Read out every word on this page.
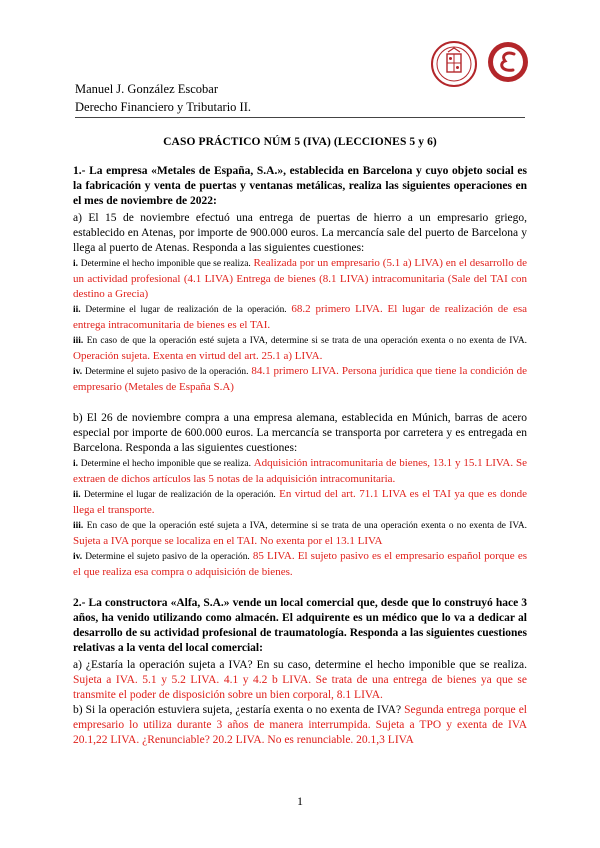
Manuel J. González Escobar
Derecho Financiero y Tributario II.

CASO PRÁCTICO NÚM 5 (IVA) (LECCIONES 5 y 6)

1.- La empresa «Metales de España, S.A.», establecida en Barcelona y cuyo objeto social es la fabricación y venta de puertas y ventanas metálicas, realiza las siguientes operaciones en el mes de noviembre de 2022:

a) El 15 de noviembre efectuó una entrega de puertas de hierro a un empresario griego, establecido en Atenas, por importe de 900.000 euros. La mercancía sale del puerto de Barcelona y llega al puerto de Atenas. Responda a las siguientes cuestiones:

i. Determine el hecho imponible que se realiza. Realizada por un empresario (5.1 a) LIVA) en el desarrollo de un actividad profesional (4.1 LIVA) Entrega de bienes (8.1 LIVA) intracomunitaria (Sale del TAI con destino a Grecia)

ii. Determine el lugar de realización de la operación. 68.2 primero LIVA. El lugar de realización de esa entrega intracomunitaria de bienes es el TAI.

iii. En caso de que la operación esté sujeta a IVA, determine si se trata de una operación exenta o no exenta de IVA. Operación sujeta. Exenta en virtud del art. 25.1 a) LIVA.

iv. Determine el sujeto pasivo de la operación. 84.1 primero LIVA. Persona jurídica que tiene la condición de empresario (Metales de España S.A)

b) El 26 de noviembre compra a una empresa alemana, establecida en Múnich, barras de acero especial por importe de 600.000 euros. La mercancía se transporta por carretera y es entregada en Barcelona. Responda a las siguientes cuestiones:

i. Determine el hecho imponible que se realiza. Adquisición intracomunitaria de bienes, 13.1 y 15.1 LIVA. Se extraen de dichos artículos las 5 notas de la adquisición intracomunitaria.

ii. Determine el lugar de realización de la operación. En virtud del art. 71.1 LIVA es el TAI ya que es donde llega el transporte.

iii. En caso de que la operación esté sujeta a IVA, determine si se trata de una operación exenta o no exenta de IVA. Sujeta a IVA porque se localiza en el TAI. No exenta por el 13.1 LIVA

iv. Determine el sujeto pasivo de la operación. 85 LIVA. El sujeto pasivo es el empresario español porque es el que realiza esa compra o adquisición de bienes.

2.- La constructora «Alfa, S.A.» vende un local comercial que, desde que lo construyó hace 3 años, ha venido utilizando como almacén. El adquirente es un médico que lo va a dedicar al desarrollo de su actividad profesional de traumatología. Responda a las siguientes cuestiones relativas a la venta del local comercial:

a) ¿Estaría la operación sujeta a IVA? En su caso, determine el hecho imponible que se realiza. Sujeta a IVA. 5.1 y 5.2 LIVA. 4.1 y 4.2 b LIVA. Se trata de una entrega de bienes ya que se transmite el poder de disposición sobre un bien corporal, 8.1 LIVA.

b) Si la operación estuviera sujeta, ¿estaría exenta o no exenta de IVA? Segunda entrega porque el empresario lo utiliza durante 3 años de manera interrumpida. Sujeta a TPO y exenta de IVA 20.1,22 LIVA. ¿Renunciable? 20.2 LIVA. No es renunciable. 20.1,3 LIVA

1
